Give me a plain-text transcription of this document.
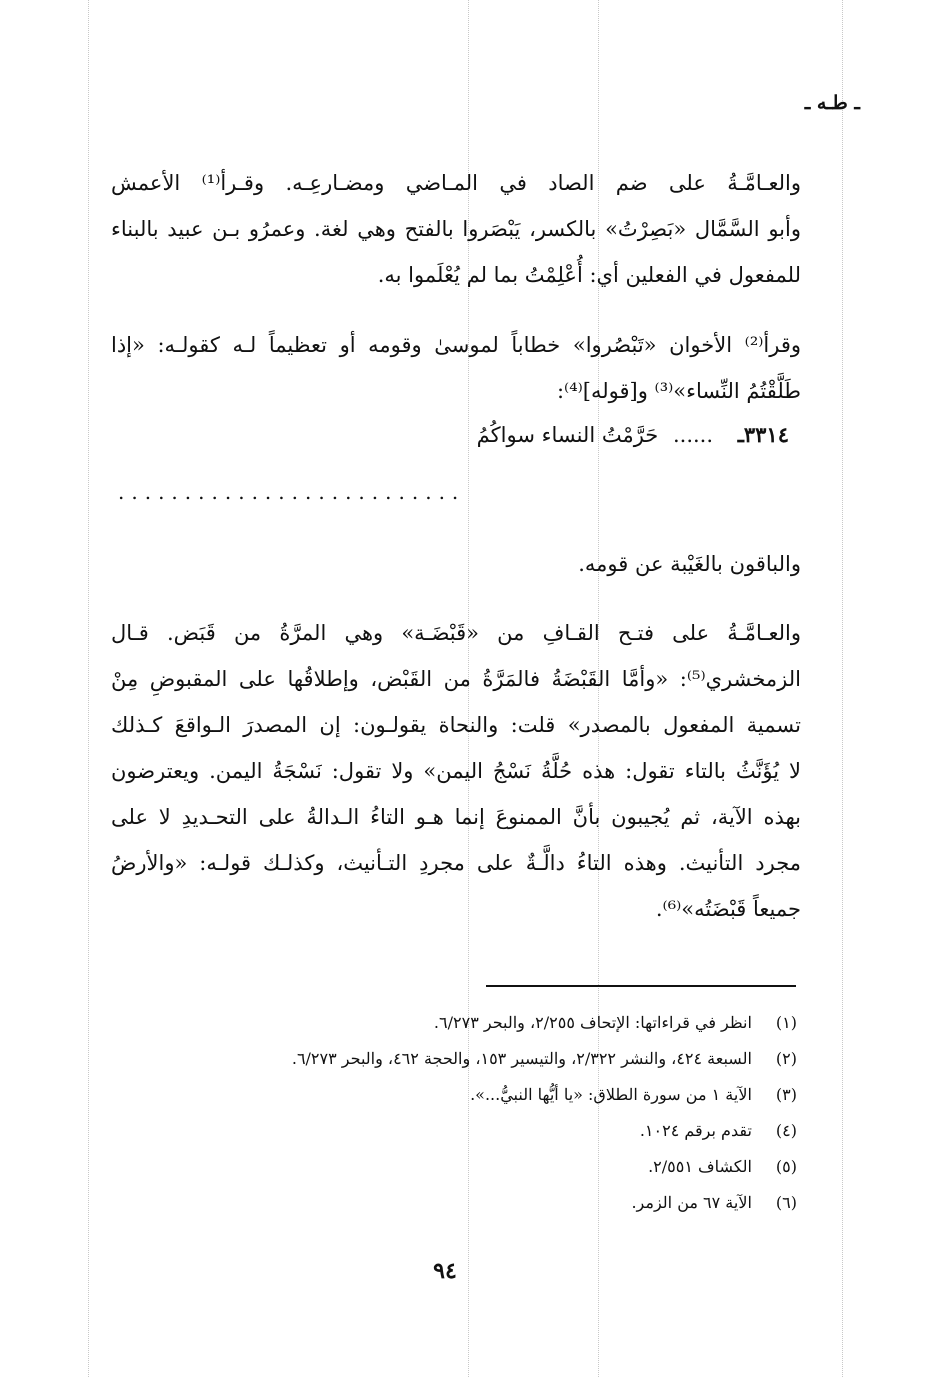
ـ طـه ـ
والعـامَّـةُ على ضم الصاد في المـاضي ومضـارعِـه. وقـرأ⁽¹⁾ الأعمش
وأبو السَّمَّال «بَصِرْتُ» بالكسر، يَبْصَروا بالفتح وهي لغة. وعمرُو بـن عبيد بالبناء
للمفعول في الفعلين أي: أُعْلِمْتُ بما لم يُعْلَموا به.
وقرأ⁽²⁾ الأخوان «تَبْصُروا» خطاباً لموسىٰ وقومه أو تعظيماً لـه كقولـه: «إذا
طَلَّقْتُمُ النِّساء»⁽³⁾ و[قوله]⁽⁴⁾:
٣٣١٤ـ ...... حَرَّمْتُ النساء سواكُمُ
..........................
والباقون بالغَيْبة عن قومه.
والعـامَّـةُ على فتـح القـافِ من «قَبْضَـة» وهي المرَّةُ من قَبَض. قـال
الزمخشري⁽⁵⁾: «وأمَّا القَبْضَةُ فالمَرَّةُ من القَبْض، وإطلاقُها على المقبوضِ مِنْ
تسمية المفعول بالمصدر» قلت: والنحاة يقولـون: إن المصدرَ الـواقعَ كـذلك
لا يُؤَنَّثُ بالتاء تقول: هذه حُلَّةُ نَسْجُ اليمن» ولا تقول: نَسْجَةُ اليمن. ويعترضون
بهذه الآية، ثم يُجيبون بأنَّ الممنوعَ إنما هـو التاءُ الـدالةُ على التحـديدِ لا على
مجرد التأنيث. وهذه التاءُ دالَّـةٌ على مجردِ التـأنيث، وكذلـك قولـه: «والأرضُ
جميعاً قَبْضَتُه»⁽⁶⁾.
(١) انظر في قراءاتها: الإتحاف ٢/٢٥٥، والبحر ٦/٢٧٣.
(٢) السبعة ٤٢٤، والنشر ٢/٣٢٢، والتيسير ١٥٣، والحجة ٤٦٢، والبحر ٦/٢٧٣.
(٣) الآية ١ من سورة الطلاق: «يا أيُّها النبيُّ...».
(٤) تقدم برقم ١٠٢٤.
(٥) الكشاف ٢/٥٥١.
(٦) الآية ٦٧ من الزمر.
٩٤
